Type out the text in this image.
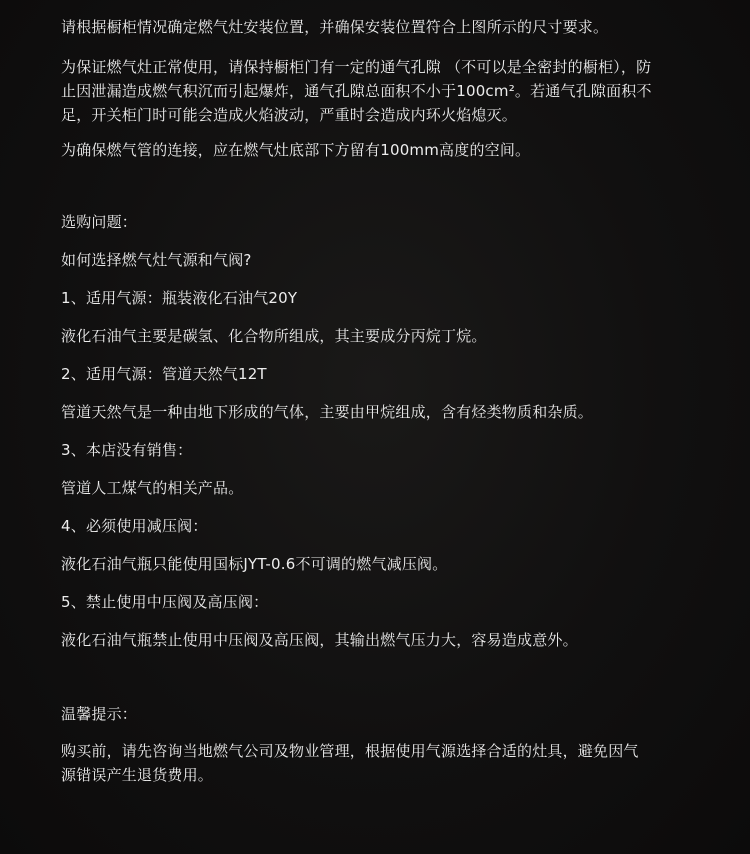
请根据橱柜情况确定燃气灶安装位置，并确保安装位置符合上图所示的尺寸要求。

为保证燃气灶正常使用，请保持橱柜门有一定的通气孔隙 （不可以是全密封的橱柜），防

止因泄漏造成燃气积沉而引起爆炸，通气孔隙总面积不小于100cm²。若通气孔隙面积不

足，开关柜门时可能会造成火焰波动，严重时会造成内环火焰熄灭。

为确保燃气管的连接，应在燃气灶底部下方留有100mm高度的空间。

选购问题：

如何选择燃气灶气源和气阀?

1、适用气源：瓶装液化石油气20Y

液化石油气主要是碳氢、化合物所组成，其主要成分丙烷丁烷。

2、适用气源：管道天然气12T

管道天然气是一种由地下形成的气体，主要由甲烷组成，含有烃类物质和杂质。

3、本店没有销售：

管道人工煤气的相关产品。

4、必须使用减压阀：

液化石油气瓶只能使用国标JYT-0.6不可调的燃气减压阀。

5、禁止使用中压阀及高压阀：

液化石油气瓶禁止使用中压阀及高压阀，其输出燃气压力大，容易造成意外。

温馨提示：

购买前，请先咨询当地燃气公司及物业管理，根据使用气源选择合适的灶具，避免因气

源错误产生退货费用。
